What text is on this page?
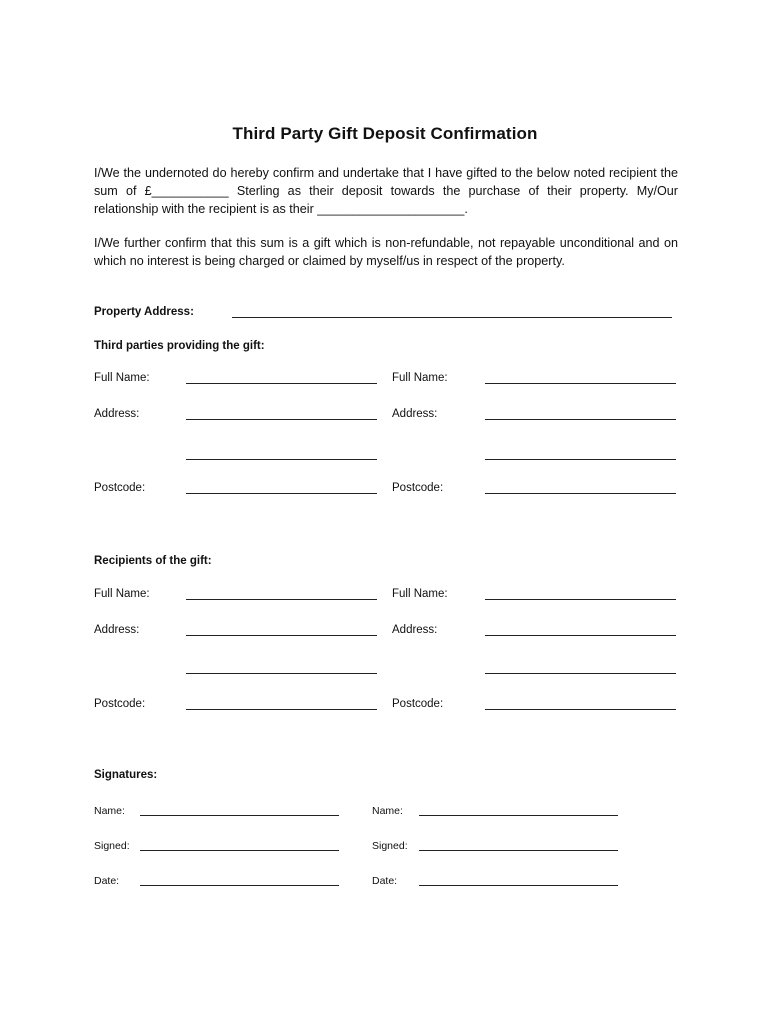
Third Party Gift Deposit Confirmation

I/We the undernoted do hereby confirm and undertake that I have gifted to the below noted recipient the sum of £___________ Sterling as their deposit towards the purchase of their property. My/Our relationship with the recipient is as their _____________________.

I/We further confirm that this sum is a gift which is non-refundable, not repayable unconditional and on which no interest is being charged or claimed by myself/us in respect of the property.

Property Address:
Third parties providing the gift:
Full Name:	Full Name:
Address:	Address:
Postcode:	Postcode:
Recipients of the gift:
Full Name:	Full Name:
Address:	Address:
Postcode:	Postcode:
Signatures:
Name:	Name:
Signed:	Signed:
Date:	Date:
